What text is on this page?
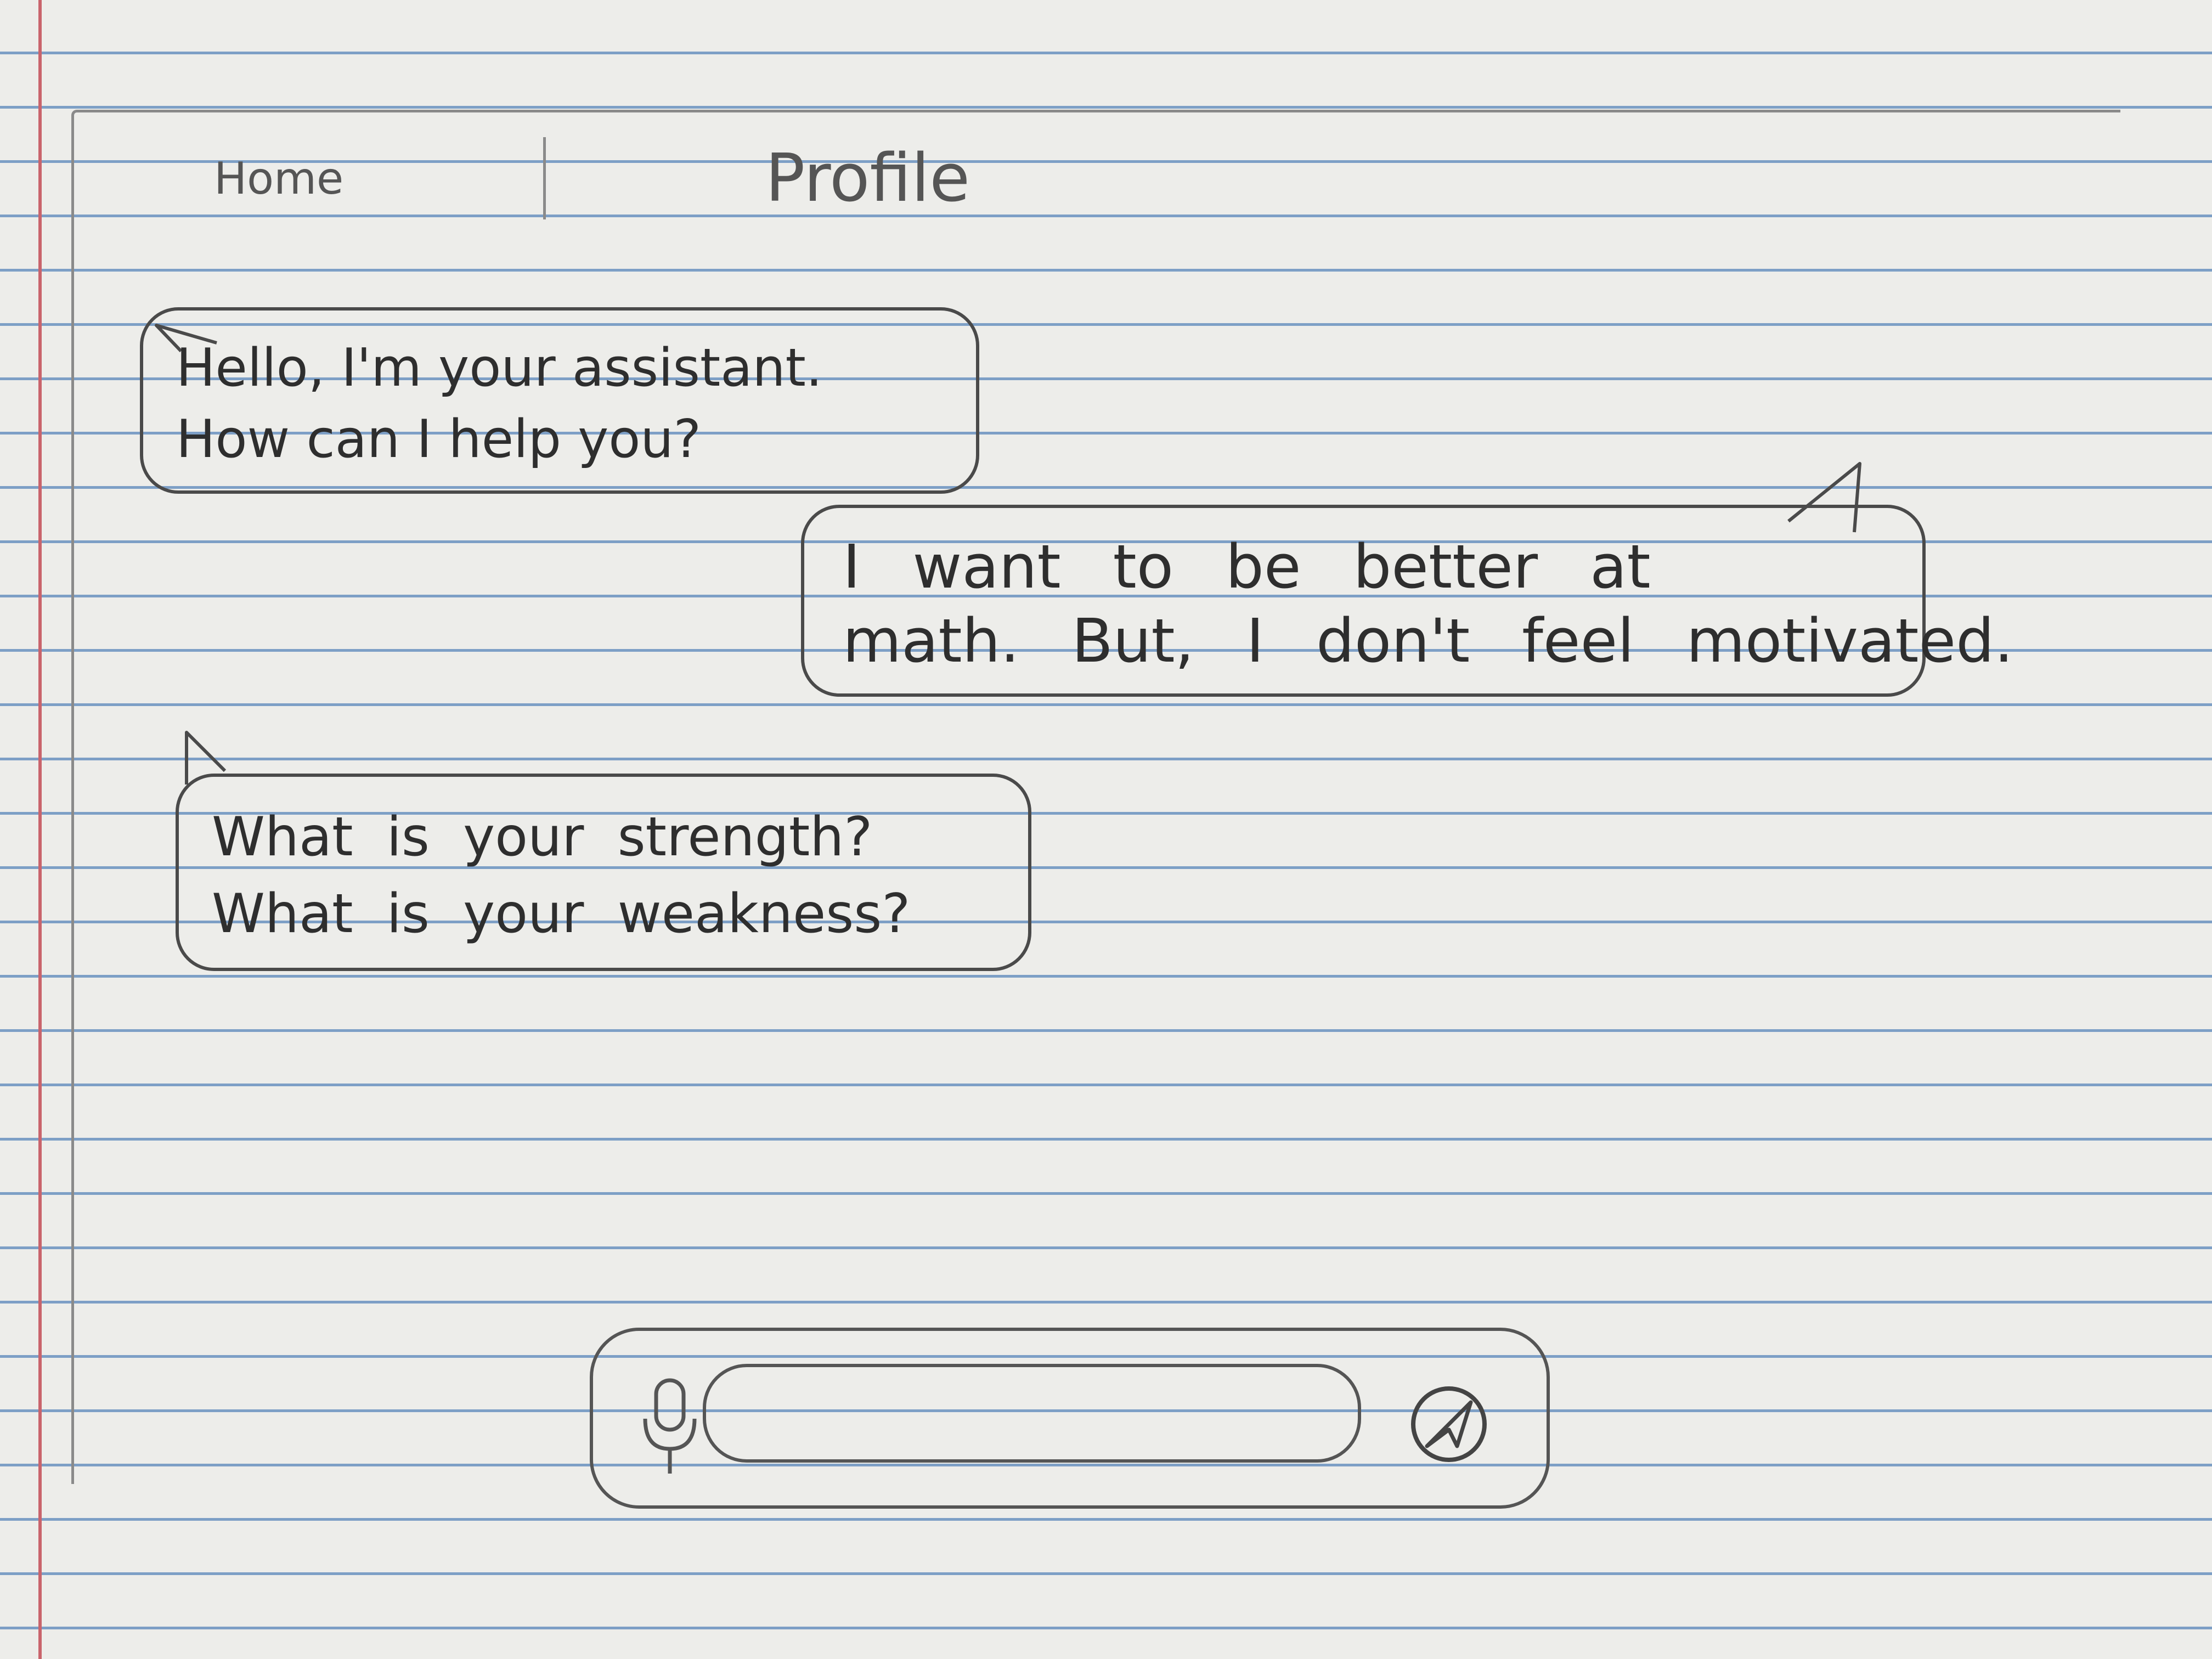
Home	Profile
Hello, I'm your assistant.
How can I help you?
I want to be better at
math. But, I don't feel motivated.
What is your strength?
What is your weakness?
